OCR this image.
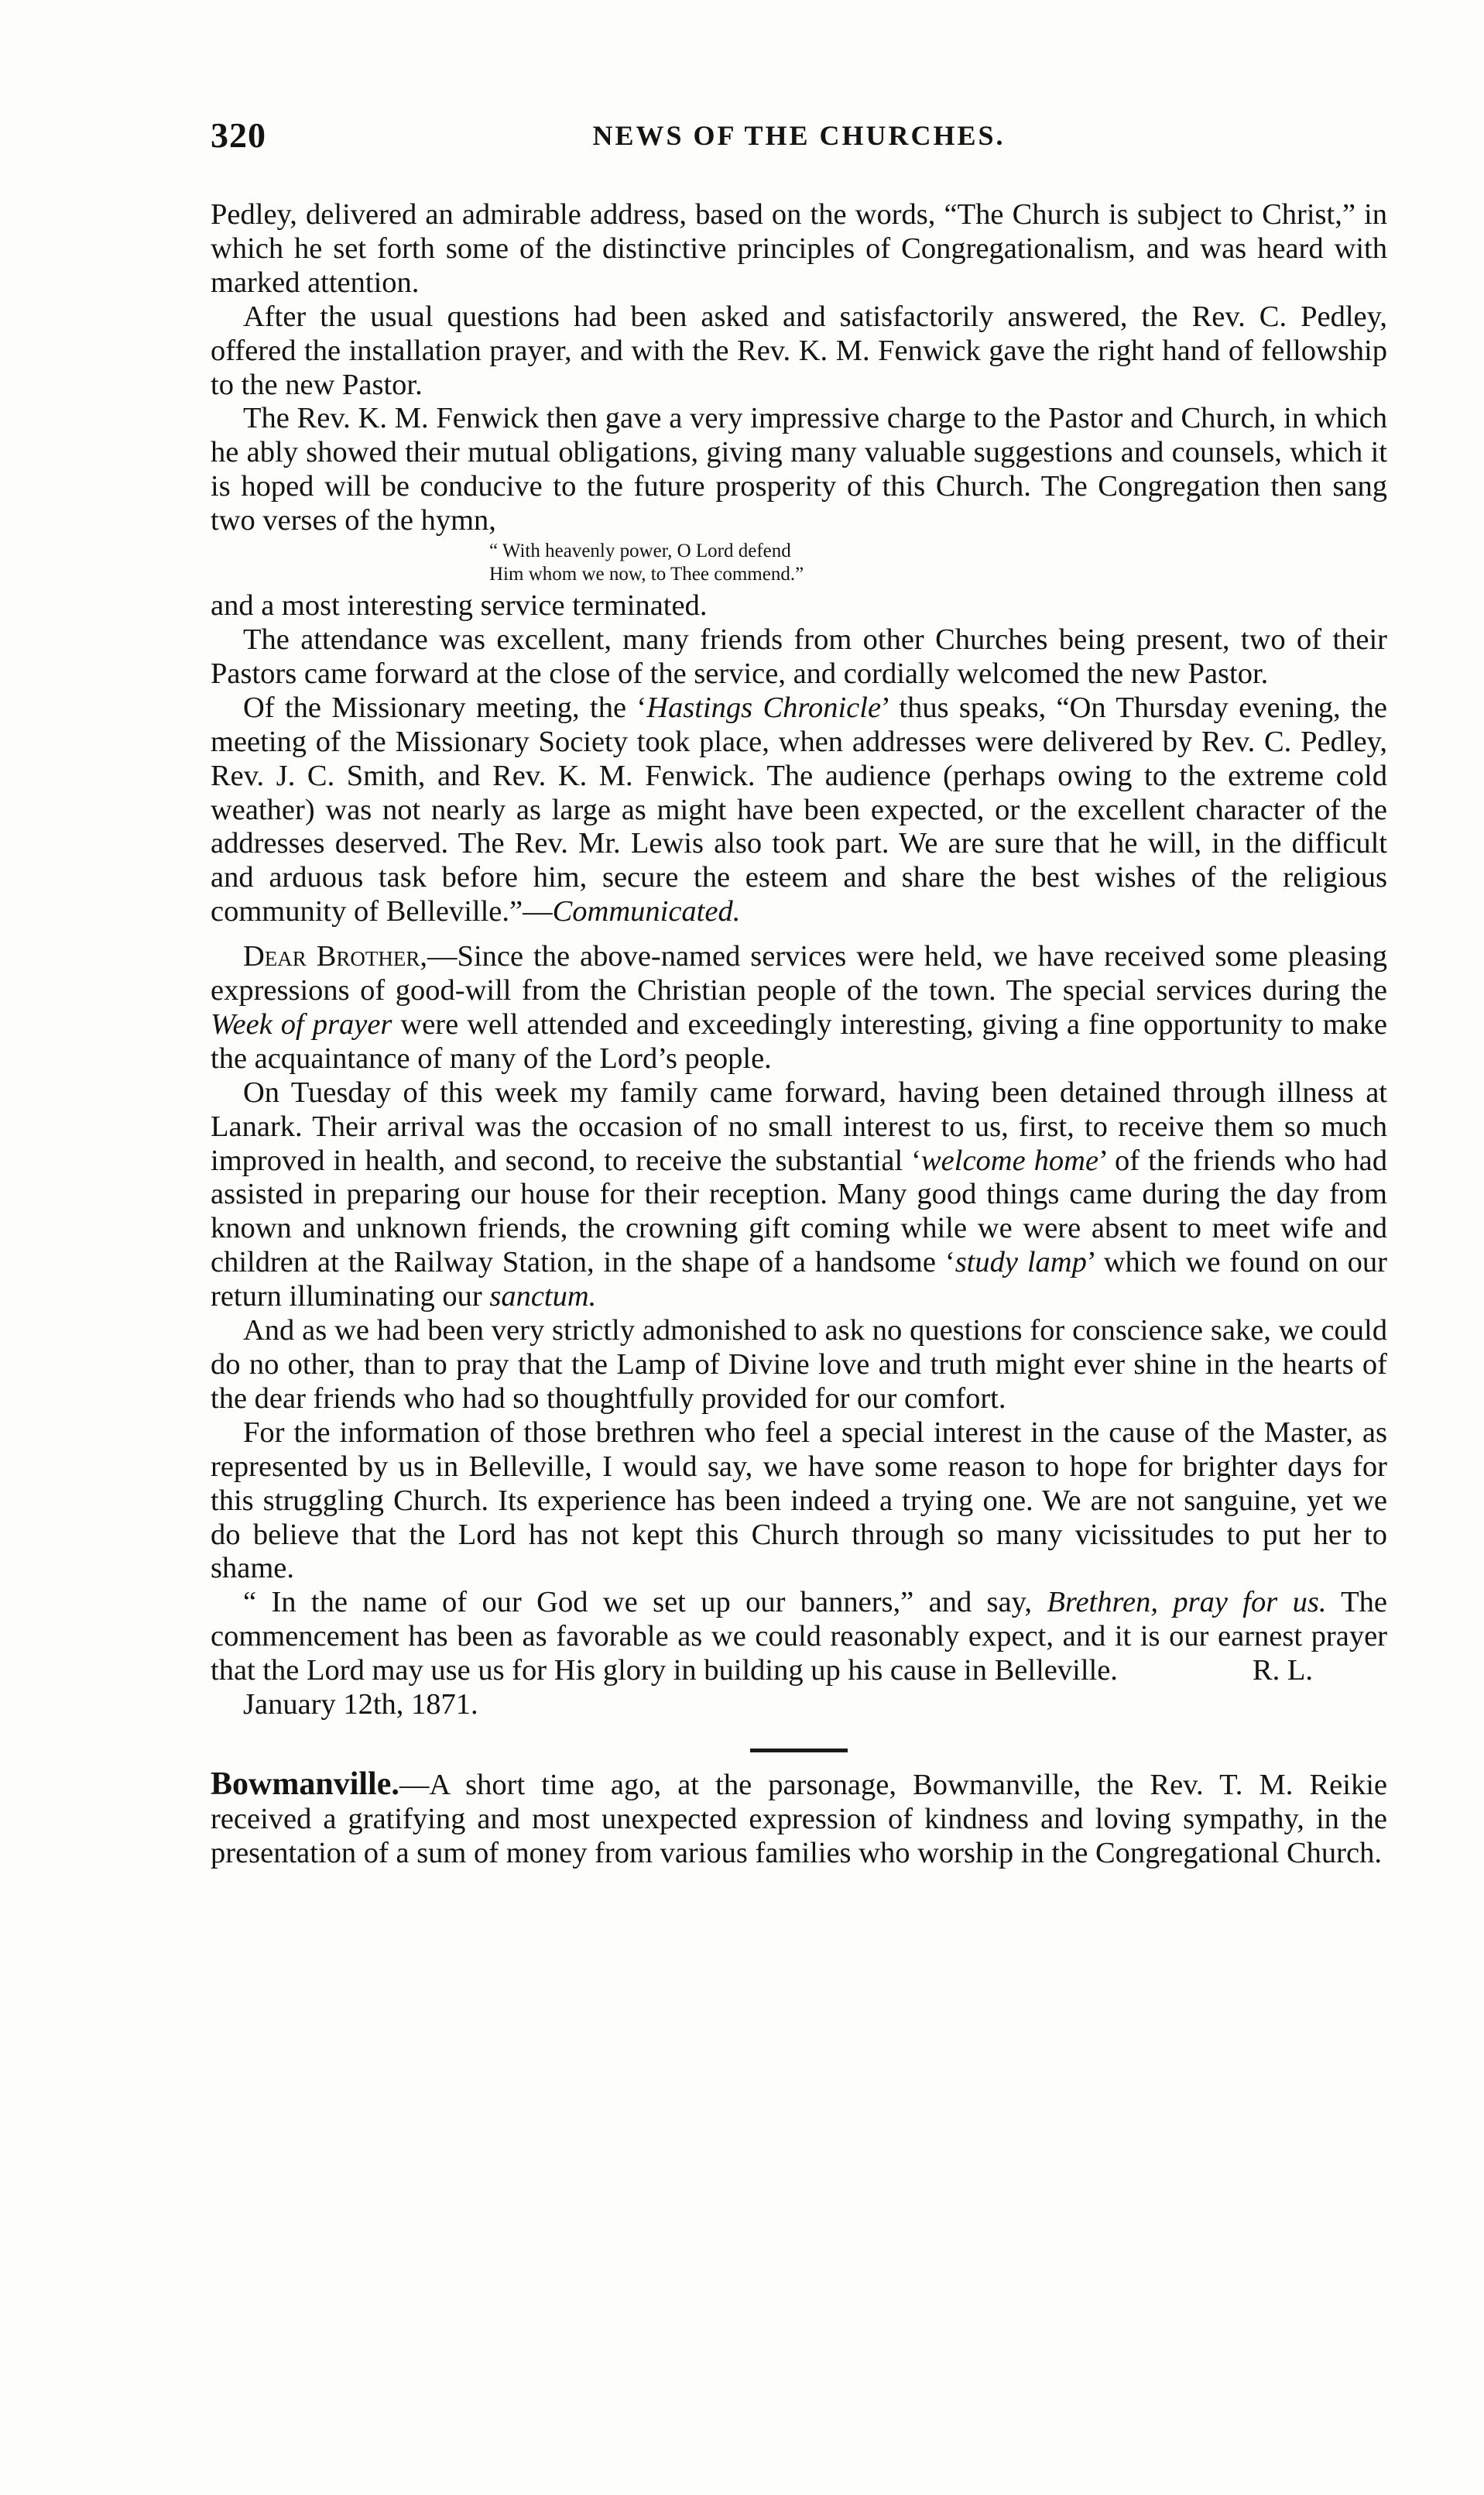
320	NEWS OF THE CHURCHES.

Pedley, delivered an admirable address, based on the words, “The Church is subject to Christ,” in which he set forth some of the distinctive principles of Congregationalism, and was heard with marked attention.

After the usual questions had been asked and satisfactorily answered, the Rev. C. Pedley, offered the installation prayer, and with the Rev. K. M. Fenwick gave the right hand of fellowship to the new Pastor.

The Rev. K. M. Fenwick then gave a very impressive charge to the Pastor and Church, in which he ably showed their mutual obligations, giving many valuable suggestions and counsels, which it is hoped will be conducive to the future prosperity of this Church. The Congregation then sang two verses of the hymn,

“ With heavenly power, O Lord defend
Him whom we now, to Thee commend.”

and a most interesting service terminated.

The attendance was excellent, many friends from other Churches being present, two of their Pastors came forward at the close of the service, and cordially welcomed the new Pastor.

Of the Missionary meeting, the ‘Hastings Chronicle’ thus speaks, “On Thursday evening, the meeting of the Missionary Society took place, when addresses were delivered by Rev. C. Pedley, Rev. J. C. Smith, and Rev. K. M. Fenwick. The audience (perhaps owing to the extreme cold weather) was not nearly as large as might have been expected, or the excellent character of the addresses deserved. The Rev. Mr. Lewis also took part. We are sure that he will, in the difficult and arduous task before him, secure the esteem and share the best wishes of the religious community of Belleville.”—Communicated.

Dear Brother,—Since the above-named services were held, we have received some pleasing expressions of good-will from the Christian people of the town. The special services during the Week of prayer were well attended and exceedingly interesting, giving a fine opportunity to make the acquaintance of many of the Lord’s people.

On Tuesday of this week my family came forward, having been detained through illness at Lanark. Their arrival was the occasion of no small interest to us, first, to receive them so much improved in health, and second, to receive the substantial ‘welcome home’ of the friends who had assisted in preparing our house for their reception. Many good things came during the day from known and unknown friends, the crowning gift coming while we were absent to meet wife and children at the Railway Station, in the shape of a handsome ‘study lamp’ which we found on our return illuminating our sanctum.

And as we had been very strictly admonished to ask no questions for conscience sake, we could do no other, than to pray that the Lamp of Divine love and truth might ever shine in the hearts of the dear friends who had so thoughtfully provided for our comfort.

For the information of those brethren who feel a special interest in the cause of the Master, as represented by us in Belleville, I would say, we have some reason to hope for brighter days for this struggling Church. Its experience has been indeed a trying one. We are not sanguine, yet we do believe that the Lord has not kept this Church through so many vicissitudes to put her to shame.

“ In the name of our God we set up our banners,” and say, Brethren, pray for us. The commencement has been as favorable as we could reasonably expect, and it is our earnest prayer that the Lord may use us for His glory in building up his cause in Belleville.	R. L.

January 12th, 1871.

Bowmanville.—A short time ago, at the parsonage, Bowmanville, the Rev. T. M. Reikie received a gratifying and most unexpected expression of kindness and loving sympathy, in the presentation of a sum of money from various families who worship in the Congregational Church.
